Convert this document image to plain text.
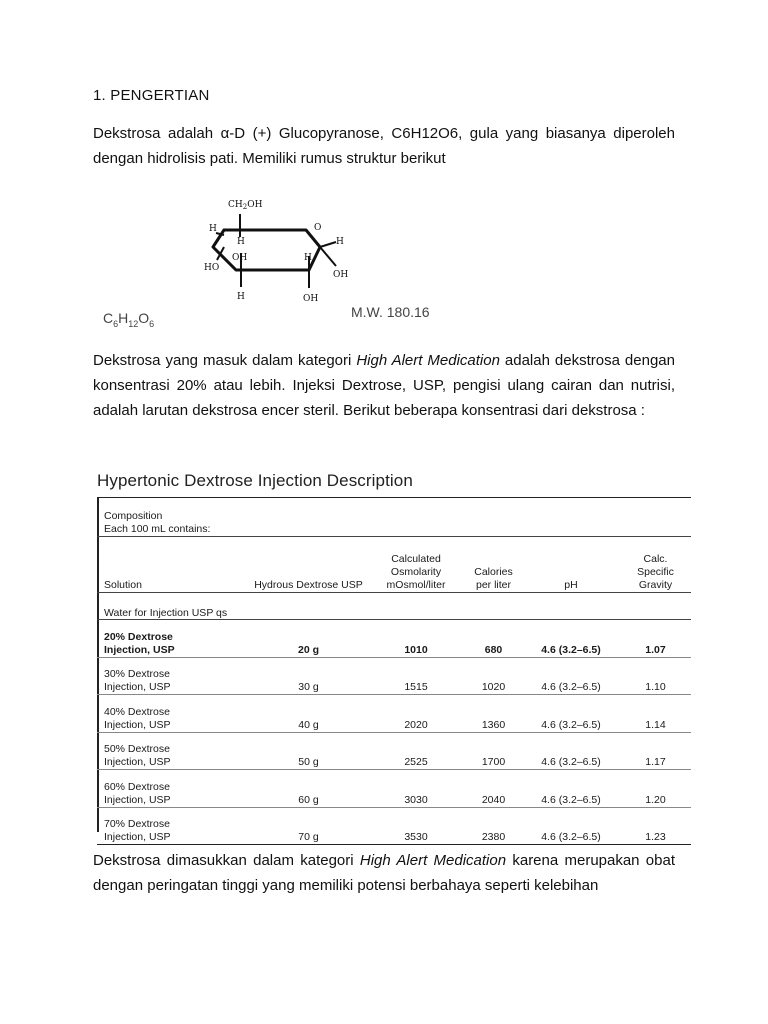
1. PENGERTIAN
Dekstrosa adalah α-D (+) Glucopyranose, C6H12O6, gula yang biasanya diperoleh dengan hidrolisis pati. Memiliki rumus struktur berikut
$CH_2OH$
O
H
H
HO
OH	H
H
OH
H	OH
$C_6H_{12}O_6$
M.W. 180.16
Dekstrosa yang masuk dalam kategori High Alert Medication adalah dekstrosa dengan konsentrasi 20% atau lebih. Injeksi Dextrose, USP, pengisi ulang cairan dan nutrisi, adalah larutan dekstrosa encer steril. Berikut beberapa konsentrasi dari dekstrosa :
Hypertonic Dextrose Injection Description

Composition
Each 100 mL contains:					
Solution	Hydrous Dextrose USP	Calculated
Osmolarity
mOsmol/liter	Calories
per liter	pH	Calc.
Specific
Gravity
Water for Injection USP qs					
20% Dextrose
Injection, USP	20 g	1010	680	4.6 (3.2–6.5)	1.07
30% Dextrose
Injection, USP	30 g	1515	1020	4.6 (3.2–6.5)	1.10
40% Dextrose
Injection, USP	40 g	2020	1360	4.6 (3.2–6.5)	1.14
50% Dextrose
Injection, USP	50 g	2525	1700	4.6 (3.2–6.5)	1.17
60% Dextrose
Injection, USP	60 g	3030	2040	4.6 (3.2–6.5)	1.20
70% Dextrose
Injection, USP	70 g	3530	2380	4.6 (3.2–6.5)	1.23
Dekstrosa dimasukkan dalam kategori High Alert Medication karena merupakan obat dengan peringatan tinggi yang memiliki potensi berbahaya seperti kelebihan
